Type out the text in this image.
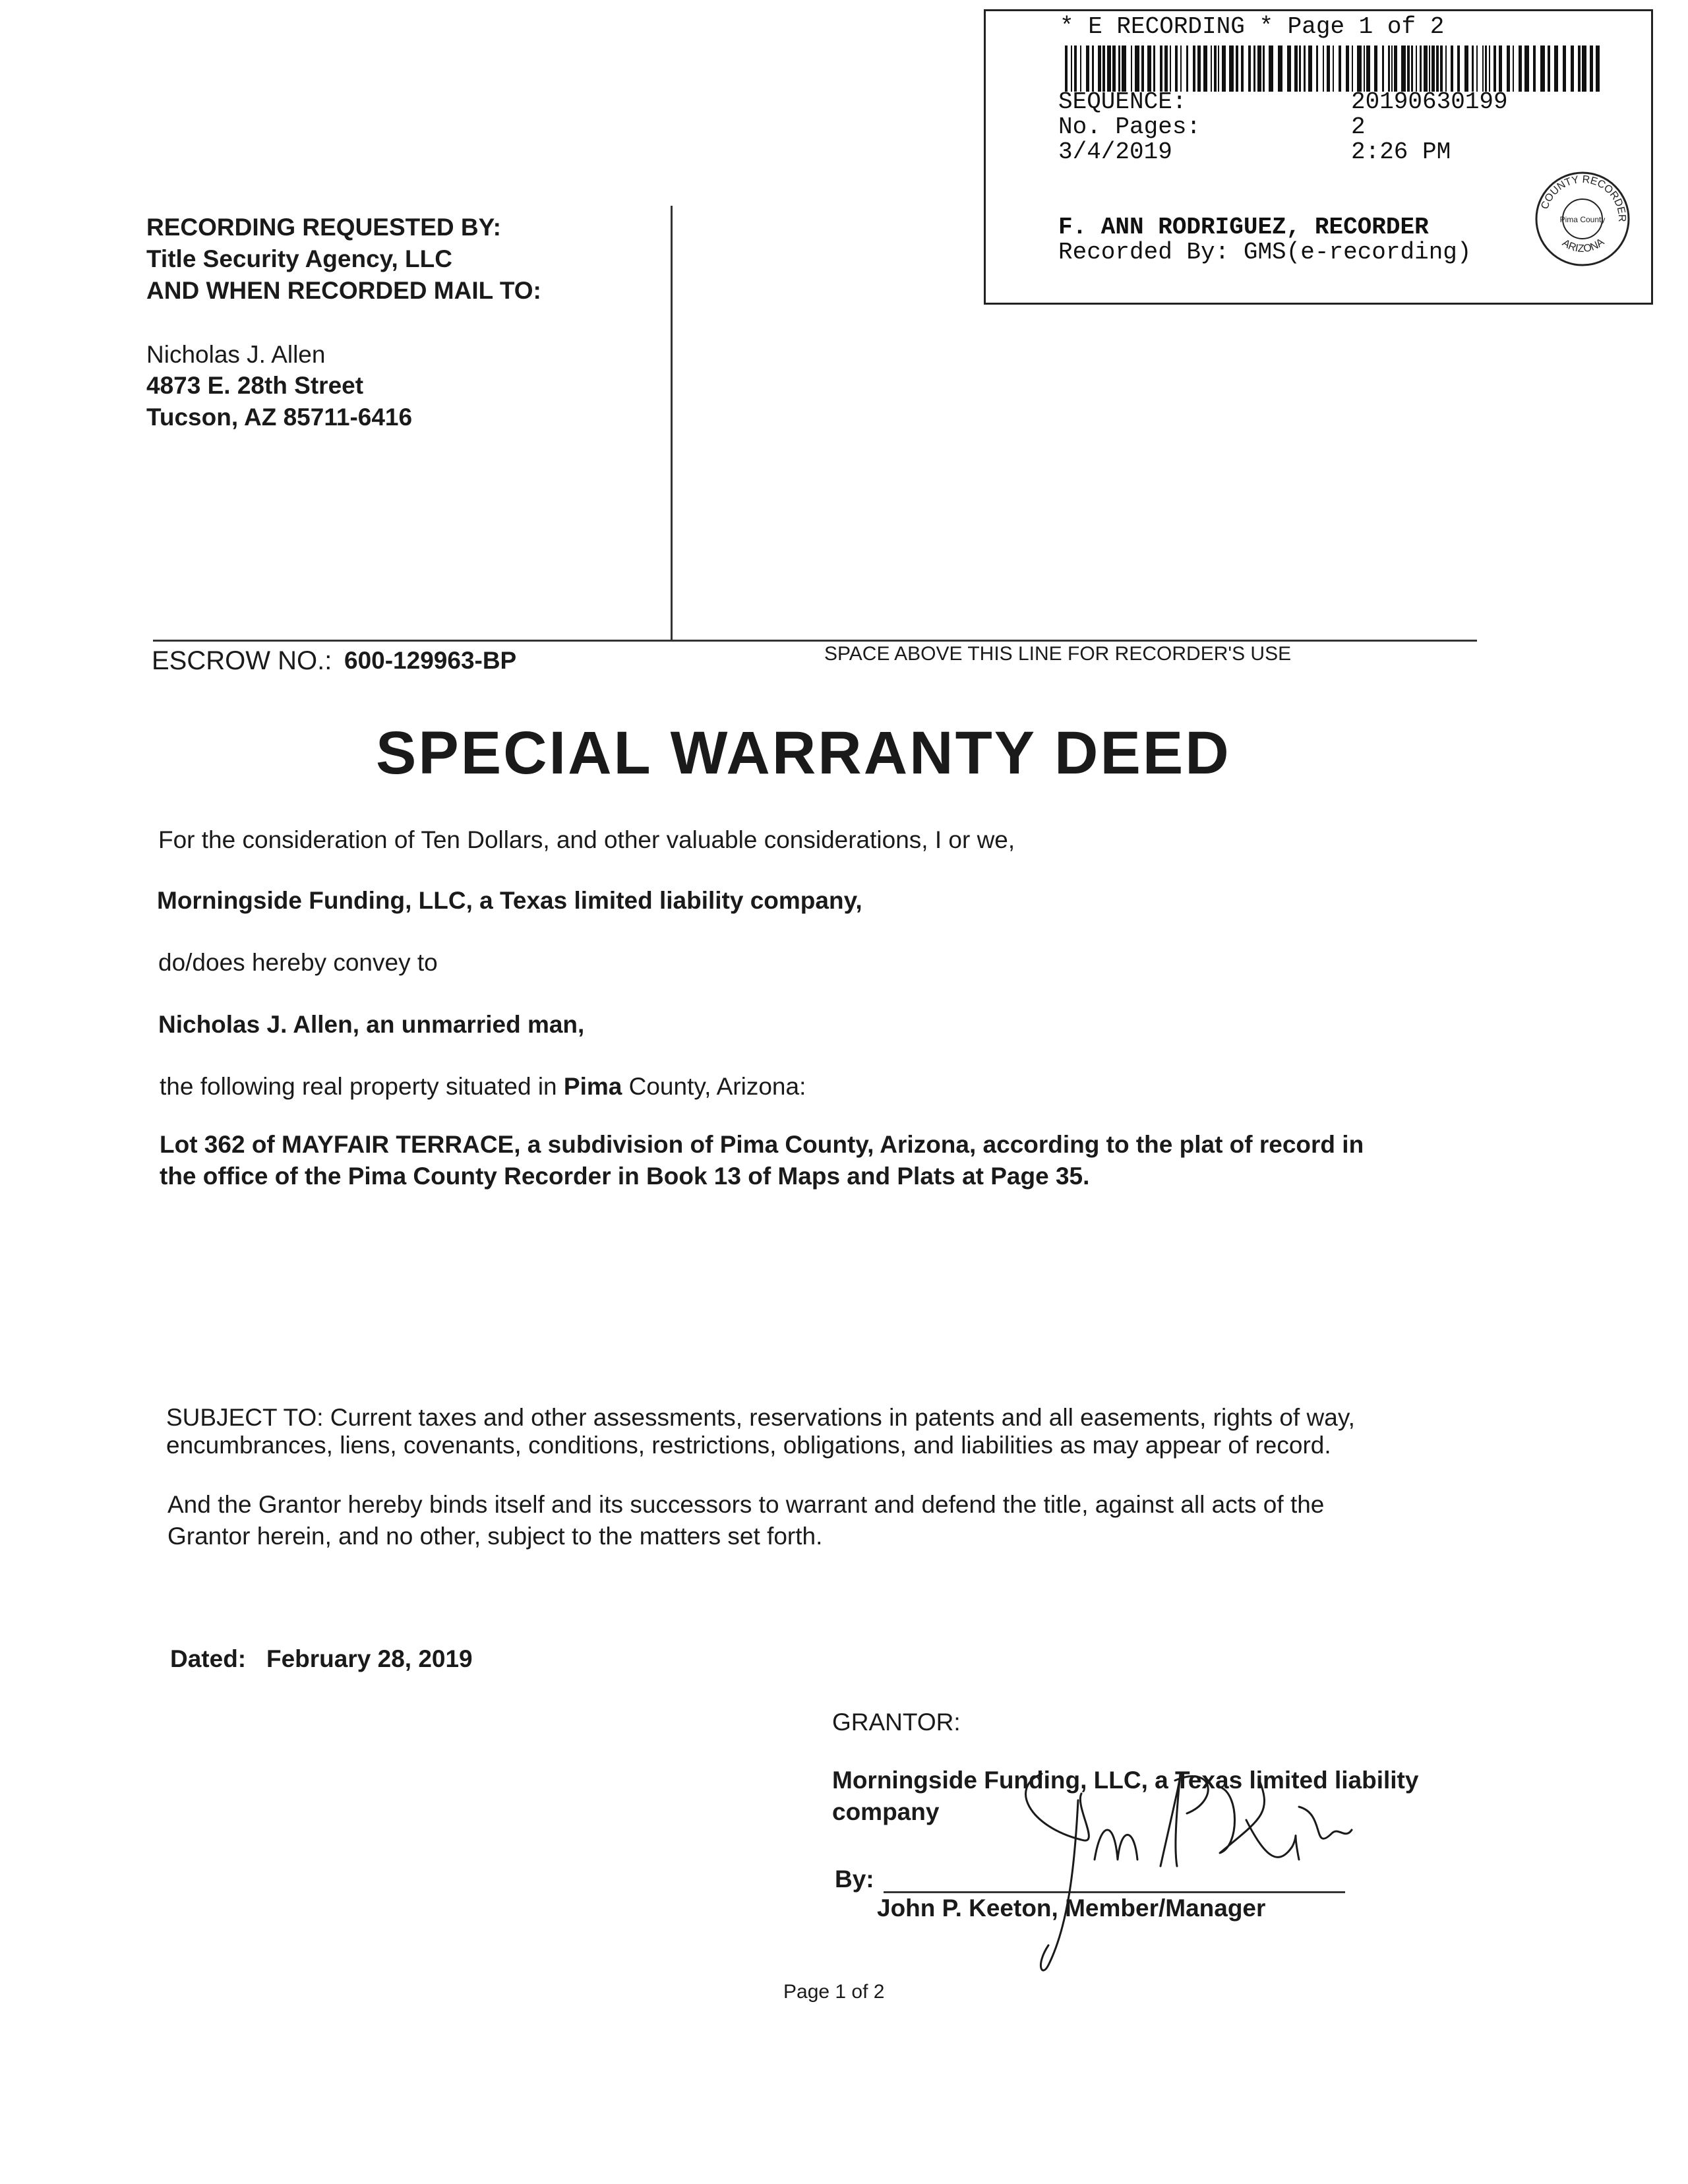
* E RECORDING * Page 1 of 2
SEQUENCE:	20190630199
No. Pages:	2
3/4/2019	2:26 PM
F. ANN RODRIGUEZ, RECORDER
Recorded By: GMS(e-recording)
COUNTY RECORDER
ARIZONA
Pima County
RECORDING REQUESTED BY:
Title Security Agency, LLC
AND WHEN RECORDED MAIL TO:
Nicholas J. Allen
4873 E. 28th Street
Tucson, AZ 85711-6416
ESCROW NO.: 600-129963-BP	SPACE ABOVE THIS LINE FOR RECORDER'S USE
SPECIAL WARRANTY DEED
For the consideration of Ten Dollars, and other valuable considerations, I or we,
Morningside Funding, LLC, a Texas limited liability company,
do/does hereby convey to
Nicholas J. Allen, an unmarried man,
the following real property situated in Pima County, Arizona:
Lot 362 of MAYFAIR TERRACE, a subdivision of Pima County, Arizona, according to the plat of record in
the office of the Pima County Recorder in Book 13 of Maps and Plats at Page 35.
SUBJECT TO: Current taxes and other assessments, reservations in patents and all easements, rights of way,
encumbrances, liens, covenants, conditions, restrictions, obligations, and liabilities as may appear of record.
And the Grantor hereby binds itself and its successors to warrant and defend the title, against all acts of the
Grantor herein, and no other, subject to the matters set forth.
Dated: February 28, 2019
GRANTOR:
Morningside Funding, LLC, a Texas limited liability
company
By:
John P. Keeton, Member/Manager
Page 1 of 2
